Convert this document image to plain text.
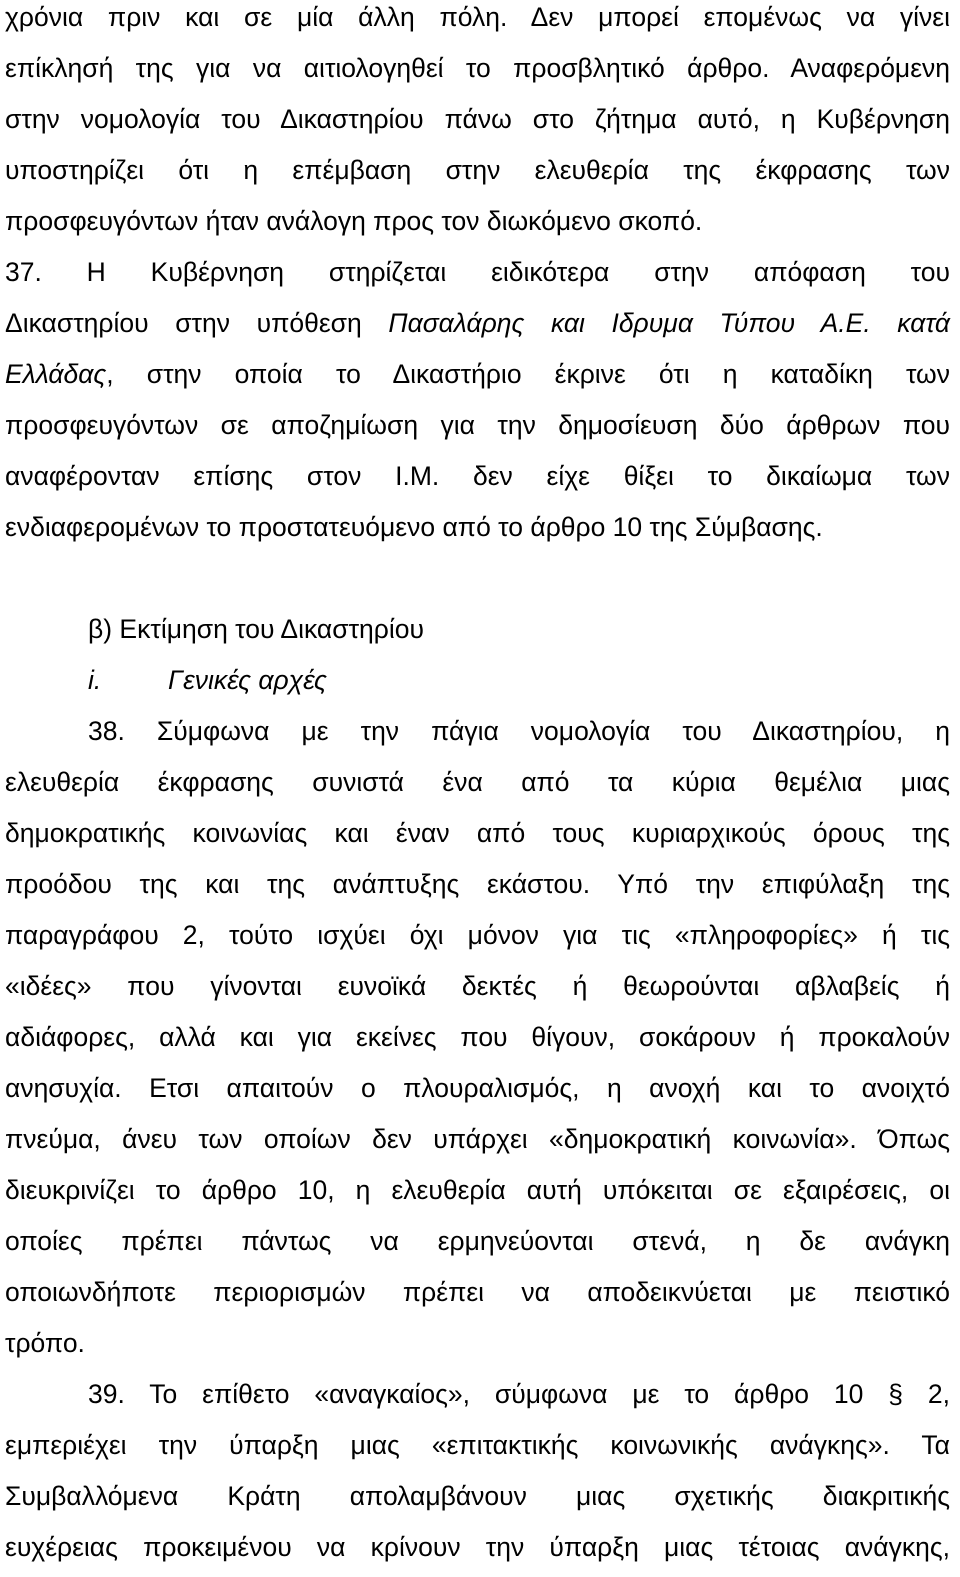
χρόνια πριν και σε μία άλλη πόλη. Δεν μπορεί επομένως να γίνει
επίκλησή της για να αιτιολογηθεί το προσβλητικό άρθρο. Αναφερόμενη
στην νομολογία του Δικαστηρίου πάνω στο ζήτημα αυτό, η Κυβέρνηση
υποστηρίζει ότι η επέμβαση στην ελευθερία της έκφρασης των
προσφευγόντων ήταν ανάλογη προς τον διωκόμενο σκοπό.
37. Η Κυβέρνηση στηρίζεται ειδικότερα στην απόφαση του
Δικαστηρίου στην υπόθεση Πασαλάρης και Ιδρυμα Τύπου Α.Ε. κατά
Ελλάδας, στην οποία το Δικαστήριο έκρινε ότι η καταδίκη των
προσφευγόντων σε αποζημίωση για την δημοσίευση δύο άρθρων που
αναφέρονταν επίσης στον Ι.Μ. δεν είχε θίξει το δικαίωμα των
ενδιαφερομένων το προστατευόμενο από το άρθρο 10 της Σύμβασης.
β) Εκτίμηση του Δικαστηρίου
i.	Γενικές αρχές
38. Σύμφωνα με την πάγια νομολογία του Δικαστηρίου, η
ελευθερία έκφρασης συνιστά ένα από τα κύρια θεμέλια μιας
δημοκρατικής κοινωνίας και έναν από τους κυριαρχικούς όρους της
προόδου της και της ανάπτυξης εκάστου. Υπό την επιφύλαξη της
παραγράφου 2, τούτο ισχύει όχι μόνον για τις «πληροφορίες» ή τις
«ιδέες» που γίνονται ευνοϊκά δεκτές ή θεωρούνται αβλαβείς ή
αδιάφορες, αλλά και για εκείνες που θίγουν, σοκάρουν ή προκαλούν
ανησυχία. Ετσι απαιτούν ο πλουραλισμός, η ανοχή και το ανοιχτό
πνεύμα, άνευ των οποίων δεν υπάρχει «δημοκρατική κοινωνία». Όπως
διευκρινίζει το άρθρο 10, η ελευθερία αυτή υπόκειται σε εξαιρέσεις, οι
οποίες πρέπει πάντως να ερμηνεύονται στενά, η δε ανάγκη
οποιωνδήποτε περιορισμών πρέπει να αποδεικνύεται με πειστικό
τρόπο.
39. Το επίθετο «αναγκαίος», σύμφωνα με το άρθρο 10 § 2,
εμπεριέχει την ύπαρξη μιας «επιτακτικής κοινωνικής ανάγκης». Τα
Συμβαλλόμενα Κράτη απολαμβάνουν μιας σχετικής διακριτικής
ευχέρειας προκειμένου να κρίνουν την ύπαρξη μιας τέτοιας ανάγκης,
